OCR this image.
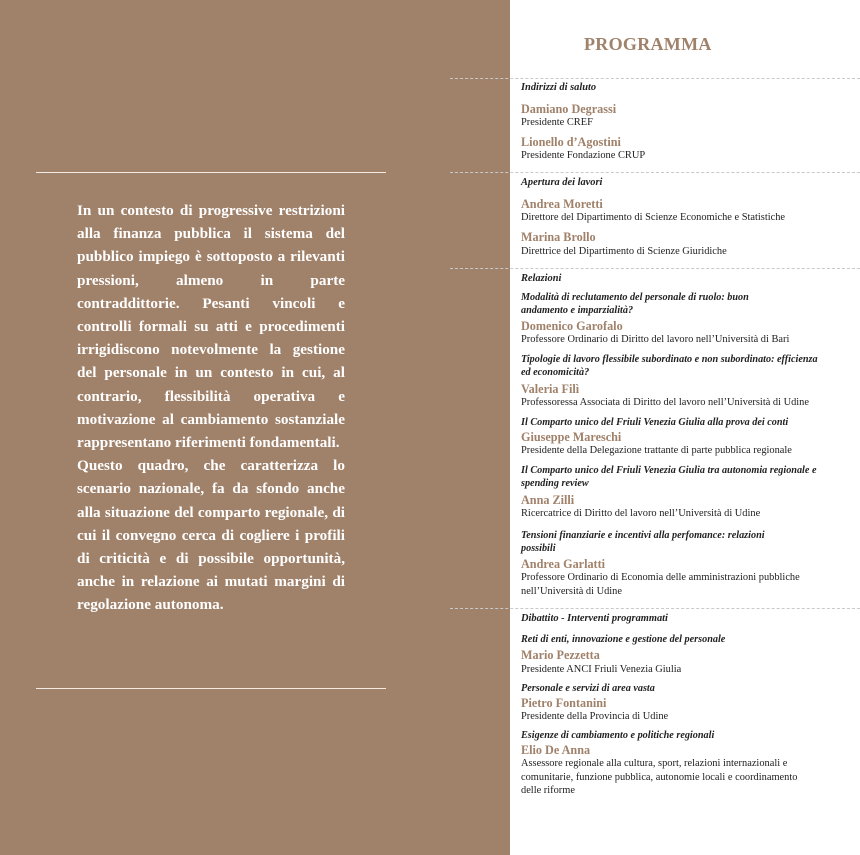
In un contesto di progressive restrizioni alla finanza pubblica il sistema del pubblico impiego è sottoposto a rilevanti pressioni, almeno in parte contraddittorie. Pesanti vincoli e controlli formali su atti e procedimenti irrigidiscono notevolmente la gestione del personale in un contesto in cui, al contrario, flessibilità operativa e motivazione al cambiamento sostanziale rappresentano riferimenti fondamentali.

Questo quadro, che caratterizza lo scenario nazionale, fa da sfondo anche alla situazione del comparto regionale, di cui il convegno cerca di cogliere i profili di criticità e di possibile opportunità, anche in relazione ai mutati margini di regolazione autonoma.

PROGRAMMA
Ore 14.00	Indirizzi di saluto
Damiano Degrassi
Presidente CREF
Lionello d’Agostini
Presidente Fondazione CRUP
Ore 14.15	Apertura dei lavori
Andrea Moretti
Direttore del Dipartimento di Scienze Economiche e Statistiche
Marina Brollo
Direttrice del Dipartimento di Scienze Giuridiche
Ore 14.30	Relazioni
Modalità di reclutamento del personale di ruolo: buon andamento e imparzialità?
Domenico Garofalo
Professore Ordinario di Diritto del lavoro nell’Università di Bari
Tipologie di lavoro flessibile subordinato e non subordinato: efficienza ed economicità?
Valeria Filì
Professoressa Associata di Diritto del lavoro nell’Università di Udine
Il Comparto unico del Friuli Venezia Giulia alla prova dei conti
Giuseppe Mareschi
Presidente della Delegazione trattante di parte pubblica regionale
Il Comparto unico del Friuli Venezia Giulia tra autonomia regionale e spending review
Anna Zilli
Ricercatrice di Diritto del lavoro nell’Università di Udine
Tensioni finanziarie e incentivi alla perfomance: relazioni possibili
Andrea Garlatti
Professore Ordinario di Economia delle amministrazioni pubbliche nell’Università di Udine
Ore 16.15	Dibattito - Interventi programmati
Reti di enti, innovazione e gestione del personale
Mario Pezzetta
Presidente ANCI Friuli Venezia Giulia
Personale e servizi di area vasta
Pietro Fontanini
Presidente della Provincia di Udine
Esigenze di cambiamento e politiche regionali
Elio De Anna
Assessore regionale alla cultura, sport, relazioni internazionali e comunitarie, funzione pubblica, autonomie locali e coordinamento delle riforme
